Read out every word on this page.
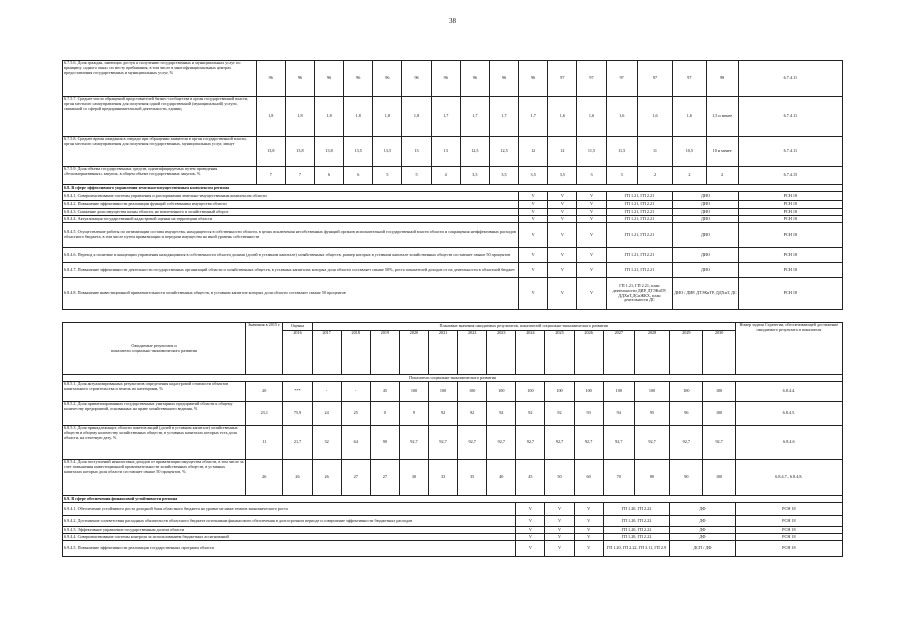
38
6.7.5.6. Доля граждан, имеющих доступ к получению государственных и муниципальных услуг по принципу «одного окна» по месту пребывания, в том числе в многофункциональных центрах предоставления государственных и муниципальных услуг, %	96	96	96	96	96	96	96	96	96	96	97	97	97	97	97	98	6.7.4.11
6.7.5.7. Среднее число обращений представителей бизнес-сообщества в орган государственной власти, орган местного самоуправления для получения одной государственной (муниципальной) услуги, связанной со сферой предпринимательской деятельности, единиц	1,8	1,8	1,8	1,8	1,8	1,8	1,7	1,7	1,7	1,7	1,6	1,6	1,6	1,6	1,6	1,5 и менее	6.7.4.11
6.7.5.8. Среднее время ожидания в очереди при обращении заявителя в орган государственной власти, орган местного самоуправления для получения государственных, муниципальных услуг, минут	13,8	13,8	13,8	13,5	13,5	13	13	12,5	12,5	12	12	11,5	11,5	11	10,5	10 и менее	6.7.4.11
6.7.5.9. Доля объема государственных средств, идентифицируемых путем проведения «безальтернативных» закупок, в общем объеме государственных закупок, %	7	7	6	6	5	5	4	3,5	3,5	3,5	3,5	3	3	2	2	2	6.7.4.15
6.8. В сфере эффективного управления земельно-имущественным комплексом региона																	
6.8.4.1. Совершенствование системы управления и распоряжения земельно-имущественным комплексом области										V	V	V	ГП 1.21, ГП 2.21		ДИО		РСН 18
6.8.4.2. Повышение эффективности реализации функций собственника имущества области										V	V	V	ГП 1.21, ГП 2.21		ДИО		РСН 18
6.8.4.3. Снижение доли имущества казны области, не вовлеченного в хозяйственный оборот										V	V	V	ГП 1.21, ГП 2.21		ДИО		РСН 18
6.8.4.4. Актуализация государственной кадастровой оценки на территории области										V	V	V	ГП 1.21, ГП 2.21		ДИО		РСН 18
6.8.4.5. Осуществление работы по оптимизации состава имущества, находящегося в собственности области, в целях исключения несобственных функций органов исполнительной государственной власти области и сокращения неэффективных расходов областного бюджета, в том числе путем приватизации и передачи имущества на иной уровень собственности										V	V	V	ГП 1.21, ГП 2.21		ДИО		РСН 18
6.8.4.6. Переход к политике и концепции управления находящимися в собственности области долями (долей в уставном капитале) хозяйственных обществ, размер которых в уставном капитале хозяйственных обществ составляет свыше 50 процентов										V	V	V	ГП 1.21, ГП 2.21		ДИО		РСН 18
6.8.4.7. Повышение эффективности деятельности государственных организаций области и хозяйственных обществ, в уставных капиталах которых доля области составляет свыше 50%, роста показателей доходов от их деятельности в областной бюджет										V	V	V	ГП 1.21, ГП 2.21		ДИО		РСН 18
6.8.4.8. Повышение инвестиционной привлекательности хозяйственных обществ, в уставном капитале которых доля области составляет свыше 50 процентов										V	V	V	ГП 1.21, ГП 2.21, план деятельности ДИР, ДТЭКиТР, ДДХиТ,ДСиЖКХ, план деятельности ДС		ДИО / ДИР, ДТЭКиТР, ДДХиТ, ДС		РСН 18
Ожидаемые результаты и
показатели социально-экономического развития	Значения в 2015 г.	Оценка	Плановые значения ожидаемых результатов, показателей социально-экономического развития														Номер задачи Стратегии, обеспечивающей достижение ожидаемого результата и показателя
		2016	2017	2018	2019	2020	2021	2022	2023	2024	2025	2026	2027	2028	2029	2030	
Показатели социально-экономического развития																	
6.8.5.1. Доля актуализированных результатов определения кадастровой стоимости объектов капитального строительства и земель по категориям, %	20	***	-	-	45	100	100	100	100	100	100	100	100	100	100	100	6.8.4.4.
6.8.5.2. Доля приватизированных государственных унитарных предприятий области к общему количеству предприятий, основанных на праве хозяйственного ведения, %	23,1	75,9	24	25	0	9	92	92	92	92	92	93	94	95	96	100	6.8.4.5.
6.8.5.3. Доля принадлежащих области пакетов акций (долей в уставном капитале) хозяйственных обществ в общему количеству хозяйственных обществ, в уставных капиталах которых есть доля области, на отчетную дату, %	11	21,7	32	64	90	92,7	92,7	92,7	92,7	92,7	92,7	92,7	92,7	92,7	92,7	92,7	6.8.4.6
6.8.5.4. Доля поступлений неналоговых доходов от приватизации имущества области, в том числе за счет повышения инвестиционной привлекательности хозяйственных обществ, в уставных капиталах которых доля области составляет свыше 50 процентов, %	26	26	26	27	27	30	33	35	40	45	50	60	70	80	90	100	6.8.4.7., 6.8.4.8.
6.9. В сфере обеспечения финансовой устойчивости региона																	
6.9.4.1. Обеспечение устойчивого роста доходной базы областного бюджета на уровне не ниже темпов экономического роста										V	V	V	ГП 1.20, ГП 2.22		ДФ		РСН 18
6.9.4.2. Достижение соответствия расходных обязательств областного бюджета источникам финансового обеспечения в долгосрочном периоде и совершение эффективности бюджетных расходов										V	V	V	ГП 1.20, ГП 2.22		ДФ		РСН 18
6.9.4.3. Эффективное управление государственным долгом области										V	V	V	ГП 1.20, ГП 2.22		ДФ		РСН 18
6.9.4.4. Совершенствование системы контроля за использованием бюджетных ассигнований										V	V	V	ГП 1.20, ГП 2.22		ДФ		РСН 18
6.9.4.5. Повышение эффективности реализации государственных программ области										V	V	V	ГП 1.20, ГП 2.22, ГП 3.11, ГП 2.9		ДСП / ДФ		РСН 18
